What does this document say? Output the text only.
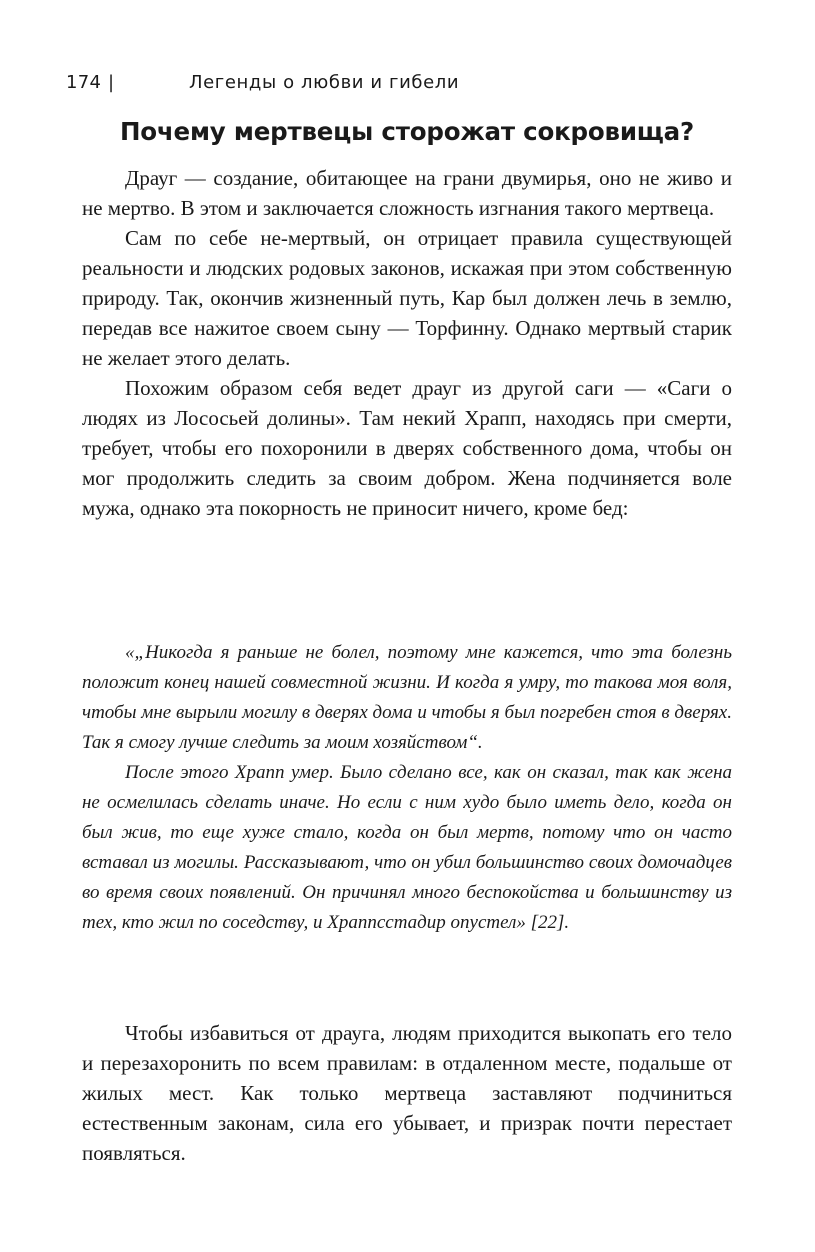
174 |	Легенды о любви и гибели
Почему мертвецы сторожат сокровища?

Драуг — создание, обитающее на грани двумирья, оно не живо и не мертво. В этом и заключается сложность изгнания такого мертвеца.

Сам по себе не-мертвый, он отрицает правила существующей реальности и людских родовых законов, искажая при этом собственную природу. Так, окончив жизненный путь, Кар был должен лечь в землю, передав все нажитое своем сыну — Торфинну. Однако мертвый старик не желает этого делать.

Похожим образом себя ведет драуг из другой саги — «Саги о людях из Лососьей долины». Там некий Храпп, находясь при смерти, требует, чтобы его похоронили в дверях собственного дома, чтобы он мог продолжить следить за своим добром. Жена подчиняется воле мужа, однако эта покорность не приносит ничего, кроме бед:

«„Никогда я раньше не болел, поэтому мне кажется, что эта болезнь положит конец нашей совместной жизни. И когда я умру, то такова моя воля, чтобы мне вырыли могилу в дверях дома и чтобы я был погребен стоя в дверях. Так я смогу лучше следить за моим хозяйством“.

После этого Храпп умер. Было сделано все, как он сказал, так как жена не осмелилась сделать иначе. Но если с ним худо было иметь дело, когда он был жив, то еще хуже стало, когда он был мертв, потому что он часто вставал из могилы. Рассказывают, что он убил большинство своих домочадцев во время своих появлений. Он причинял много беспокойства и большинству из тех, кто жил по соседству, и Храппсстадир опустел» [22].

Чтобы избавиться от драуга, людям приходится выкопать его тело и перезахоронить по всем правилам: в отдаленном месте, подальше от жилых мест. Как только мертвеца заставляют подчиниться естественным законам, сила его убывает, и призрак почти перестает появляться.
